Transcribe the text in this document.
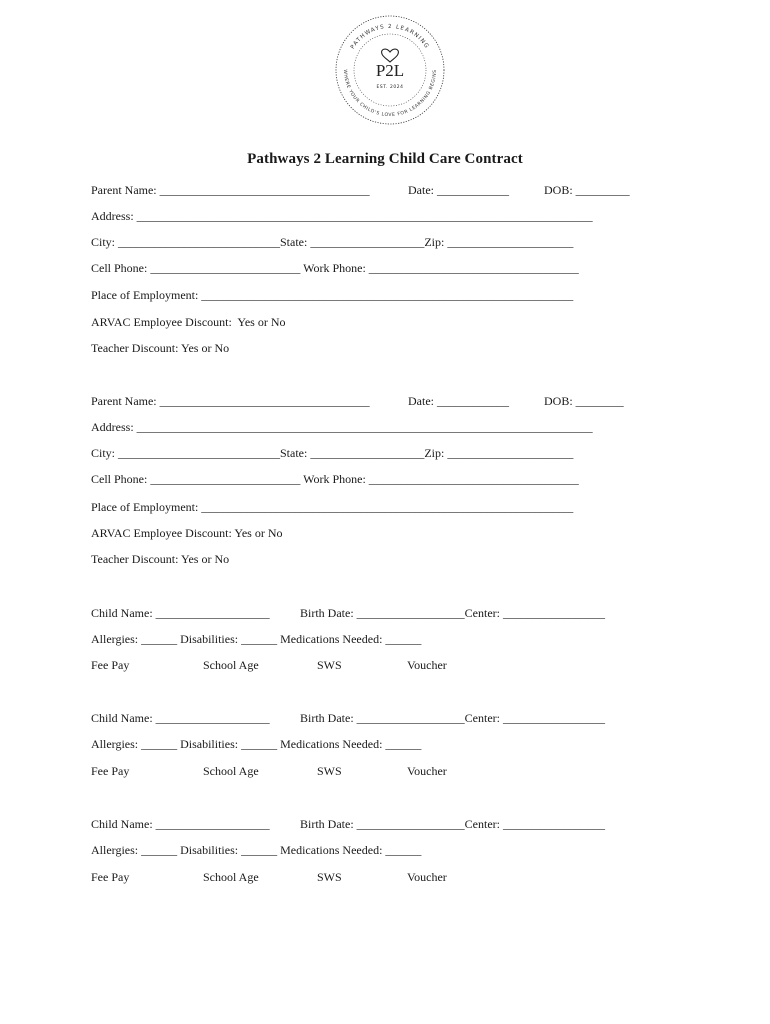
PATHWAYS 2 LEARNING
WHERE YOUR CHILD'S LOVE FOR LEARNING BEGINS
P2L
EST. 2024
Pathways 2 Learning Child Care Contract
Parent Name: ___________________________________	Date: ____________	DOB: _________
Address: ____________________________________________________________________________
City: ___________________________State: ___________________Zip: _____________________
Cell Phone: _________________________ Work Phone: ___________________________________
Place of Employment: ______________________________________________________________
ARVAC Employee Discount:  Yes or No
Teacher Discount: Yes or No
Parent Name: ___________________________________	Date: ____________	DOB: ________
Address: ____________________________________________________________________________
City: ___________________________State: ___________________Zip: _____________________
Cell Phone: _________________________ Work Phone: ___________________________________
Place of Employment: ______________________________________________________________
ARVAC Employee Discount: Yes or No
Teacher Discount: Yes or No
Child Name: ___________________	Birth Date: __________________Center: _________________
Allergies: ______ Disabilities: ______ Medications Needed: ______
Fee Pay	School Age	SWS	Voucher
Child Name: ___________________	Birth Date: __________________Center: _________________
Allergies: ______ Disabilities: ______ Medications Needed: ______
Fee Pay	School Age	SWS	Voucher
Child Name: ___________________	Birth Date: __________________Center: _________________
Allergies: ______ Disabilities: ______ Medications Needed: ______
Fee Pay	School Age	SWS	Voucher
